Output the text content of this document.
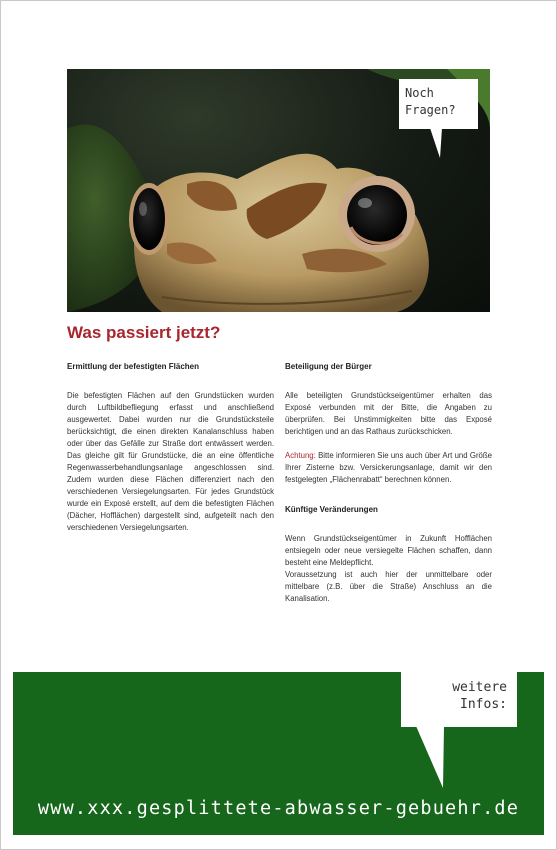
Noch
Fragen?
Was passiert jetzt?
Ermittlung der befestigten Flächen

Die befestigten Flächen auf den Grundstücken wurden durch Luftbildbefliegung erfasst und anschließend ausgewertet. Dabei wurden nur die Grundstücksteile berücksichtigt, die einen direkten Kanalanschluss haben oder über das Gefälle zur Straße dort entwässert werden. Das gleiche gilt für Grundstücke, die an eine öffentliche Regenwasserbehandlungsanlage angeschlossen sind. Zudem wurden diese Flächen differenziert nach den verschiedenen Versiegelungsarten. Für jedes Grundstück wurde ein Exposé erstellt, auf dem die befestigten Flächen (Dächer, Hofflächen) dargestellt sind, aufgeteilt nach den verschiedenen Versiegelungsarten.

Beteiligung der Bürger

Alle beteiligten Grundstückseigentümer erhalten das Exposé verbunden mit der Bitte, die Angaben zu überprüfen. Bei Unstimmigkeiten bitte das Exposé berichtigen und an das Rathaus zurückschicken.

Achtung: Bitte informieren Sie uns auch über Art und Größe Ihrer Zisterne bzw. Versickerungsanlage, damit wir den festgelegten „Flächenrabatt“ berechnen können.

Künftige Veränderungen

Wenn Grundstückseigentümer in Zukunft Hofflächen entsiegeln oder neue versiegelte Flächen schaffen, dann besteht eine Meldepflicht.
Voraussetzung ist auch hier der unmittelbare oder mittelbare (z.B. über die Straße) Anschluss an die Kanalisation.

weitere
Infos:
www.xxx.gesplittete-abwasser-gebuehr.de
